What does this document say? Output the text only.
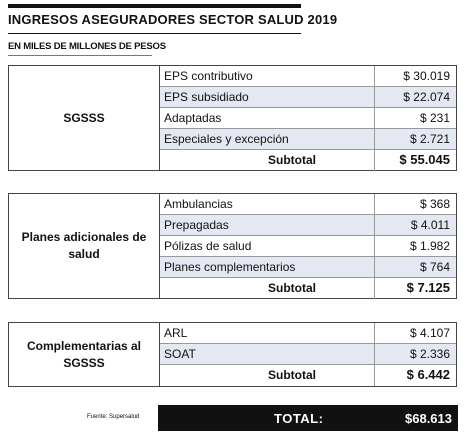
INGRESOS ASEGURADORES SECTOR SALUD 2019
EN MILES DE MILLONES DE PESOS
SGSSS
EPS contributivo	$ 30.019
EPS subsidiado	$ 22.074
Adaptadas	$ 231
Especiales y excepción	$ 2.721
Subtotal	$ 55.045
Planes adicionales de salud
Ambulancias	$ 368
Prepagadas	$ 4.011
Pólizas de salud	$ 1.982
Planes complementarios	$ 764
Subtotal	$ 7.125
Complementarias al SGSSS
ARL	$ 4.107
SOAT	$ 2.336
Subtotal	$ 6.442
Fuente: Supersalud	TOTAL:	$68.613
